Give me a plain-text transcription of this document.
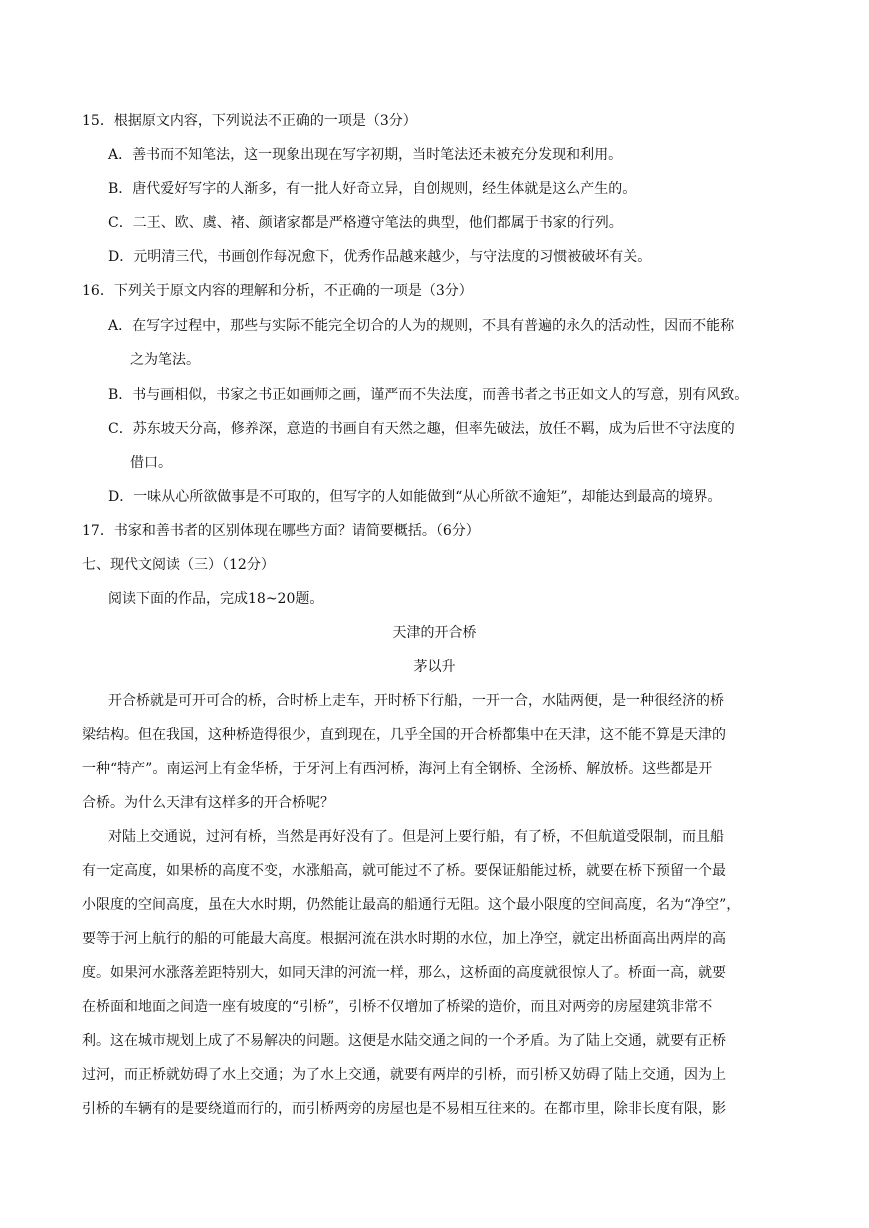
15．根据原文内容，下列说法不正确的一项是（3分）
A．善书而不知笔法，这一现象出现在写字初期，当时笔法还未被充分发现和利用。
B．唐代爱好写字的人渐多，有一批人好奇立异，自创规则，经生体就是这么产生的。
C．二王、欧、虞、褚、颜诸家都是严格遵守笔法的典型，他们都属于书家的行列。
D．元明清三代，书画创作每况愈下，优秀作品越来越少，与守法度的习惯被破坏有关。
16．下列关于原文内容的理解和分析，不正确的一项是（3分）
A．在写字过程中，那些与实际不能完全切合的人为的规则，不具有普遍的永久的活动性，因而不能称
之为笔法。
B．书与画相似，书家之书正如画师之画，谨严而不失法度，而善书者之书正如文人的写意，别有风致。
C．苏东坡天分高，修养深，意造的书画自有天然之趣，但率先破法，放任不羁，成为后世不守法度的
借口。
D．一味从心所欲做事是不可取的，但写字的人如能做到“从心所欲不逾矩”，却能达到最高的境界。
17．书家和善书者的区别体现在哪些方面？请简要概括。（6分）
七、现代文阅读（三）（12分）
阅读下面的作品，完成18~20题。
天津的开合桥
茅以升
开合桥就是可开可合的桥，合时桥上走车，开时桥下行船，一开一合，水陆两便，是一种很经济的桥
梁结构。但在我国，这种桥造得很少，直到现在，几乎全国的开合桥都集中在天津，这不能不算是天津的
一种“特产”。南运河上有金华桥，于牙河上有西河桥，海河上有全钢桥、全汤桥、解放桥。这些都是开
合桥。为什么天津有这样多的开合桥呢？
对陆上交通说，过河有桥，当然是再好没有了。但是河上要行船，有了桥，不但航道受限制，而且船
有一定高度，如果桥的高度不变，水涨船高，就可能过不了桥。要保证船能过桥，就要在桥下预留一个最
小限度的空间高度，虽在大水时期，仍然能让最高的船通行无阻。这个最小限度的空间高度，名为“净空”，
要等于河上航行的船的可能最大高度。根据河流在洪水时期的水位，加上净空，就定出桥面高出两岸的高
度。如果河水涨落差距特别大，如同天津的河流一样，那么，这桥面的高度就很惊人了。桥面一高，就要
在桥面和地面之间造一座有坡度的“引桥”，引桥不仅增加了桥梁的造价，而且对两旁的房屋建筑非常不
利。这在城市规划上成了不易解决的问题。这便是水陆交通之间的一个矛盾。为了陆上交通，就要有正桥
过河，而正桥就妨碍了水上交通；为了水上交通，就要有两岸的引桥，而引桥又妨碍了陆上交通，因为上
引桥的车辆有的是要绕道而行的，而引桥两旁的房屋也是不易相互往来的。在都市里，除非长度有限，影
